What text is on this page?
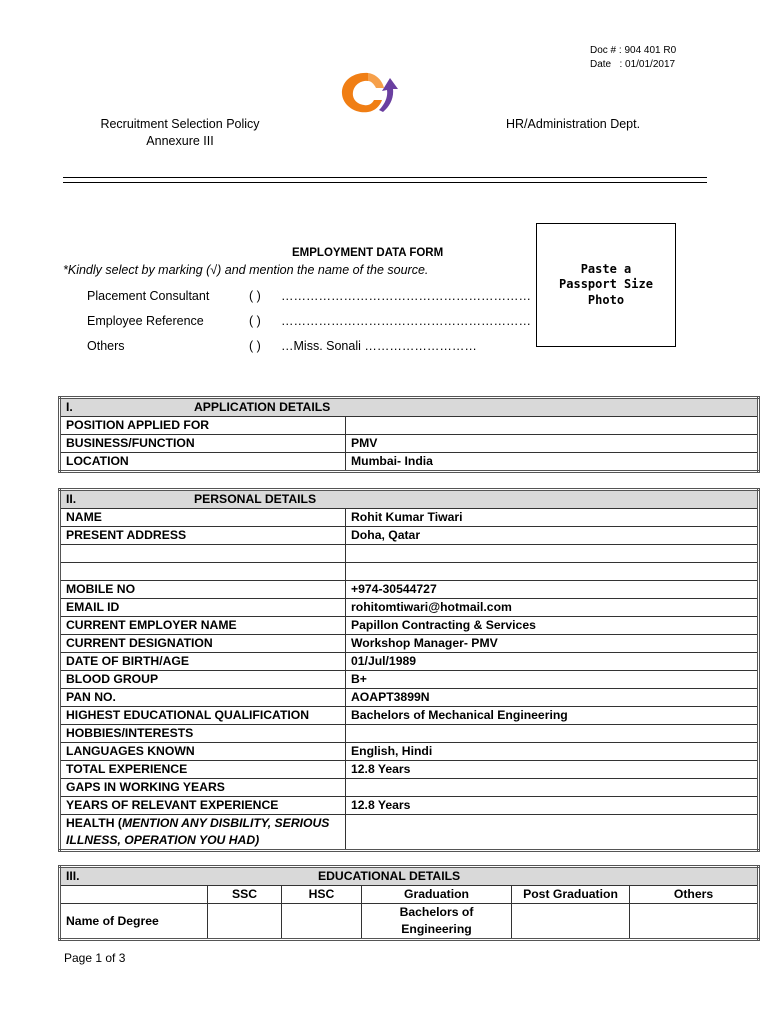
Doc # : 904 401 R0
Date   : 01/01/2017
Recruitment Selection Policy
Annexure III
HR/Administration Dept.
Paste a
Passport Size
Photo
EMPLOYMENT DATA FORM
*Kindly select by marking (√) and mention the name of the source.
Placement Consultant	( ) ……………………………………………………
Employee Reference	( ) ……………………………………………………
Others	( ) …Miss. Sonali ………………………
I. APPLICATION DETAILS	
POSITION APPLIED FOR	
BUSINESS/FUNCTION	PMV
LOCATION	Mumbai- India
II. PERSONAL DETAILS	
NAME	Rohit Kumar Tiwari
PRESENT ADDRESS	Doha, Qatar

MOBILE NO	+974-30544727
EMAIL ID	rohitomtiwari@hotmail.com
CURRENT EMPLOYER NAME	Papillon Contracting & Services
CURRENT DESIGNATION	Workshop Manager- PMV
DATE OF BIRTH/AGE	01/Jul/1989
BLOOD GROUP	B+
PAN NO.	AOAPT3899N
HIGHEST EDUCATIONAL QUALIFICATION	Bachelors of Mechanical Engineering
HOBBIES/INTERESTS	
LANGUAGES KNOWN	English, Hindi
TOTAL EXPERIENCE	12.8 Years
GAPS IN WORKING YEARS	
YEARS OF RELEVANT EXPERIENCE	12.8 Years
HEALTH (MENTION ANY DISBILITY, SERIOUS ILLNESS, OPERATION YOU HAD)	
III. EDUCATIONAL DETAILS					
	SSC	HSC	Graduation	Post Graduation	Others
Name of Degree			Bachelors of Engineering		
Page 1 of 3
